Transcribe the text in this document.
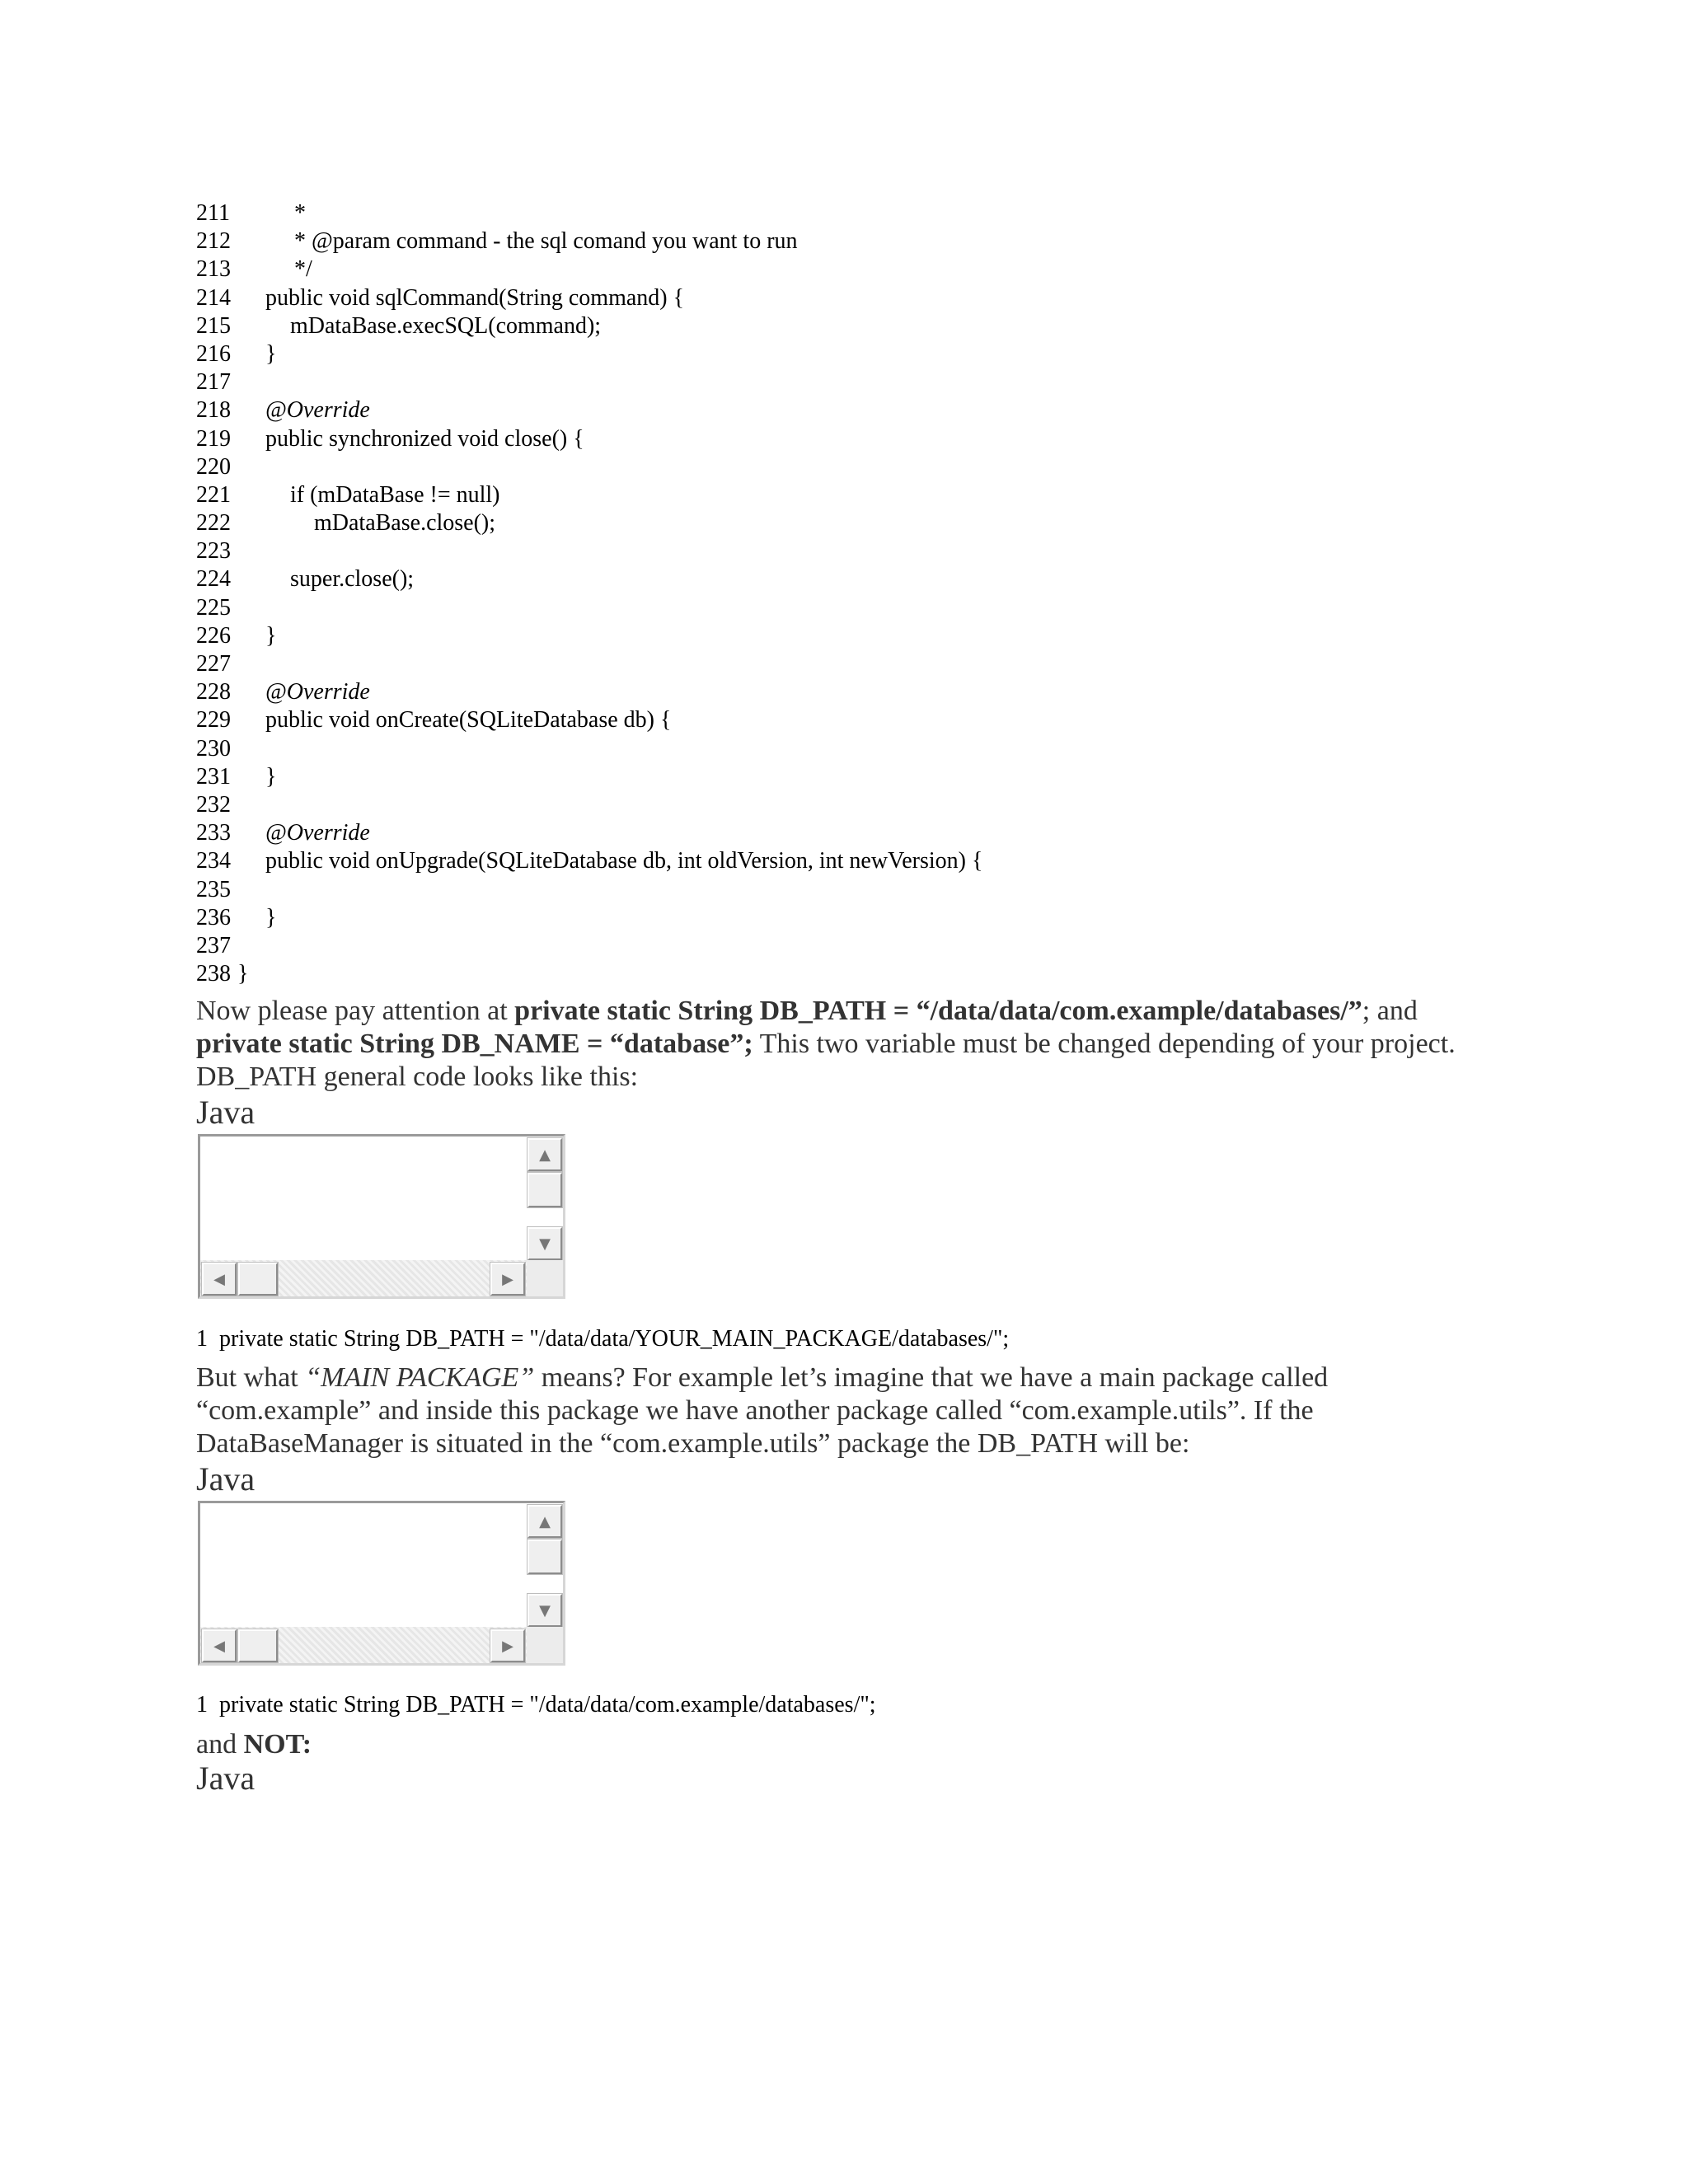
211	*
212	* @param command - the sql comand you want to run
213	*/
214	public void sqlCommand(String command) {
215	mDataBase.execSQL(command);
216	}
217
218	@Override
219	public synchronized void close() {
220
221	if (mDataBase != null)
222	mDataBase.close();
223
224	super.close();
225
226	}
227
228	@Override
229	public void onCreate(SQLiteDatabase db) {
230
231	}
232
233	@Override
234	public void onUpgrade(SQLiteDatabase db, int oldVersion, int newVersion) {
235
236	}
237
238 }
Now please pay attention at private static String DB_PATH = “/data/data/com.example/databases/”; and private static String DB_NAME = “database”; This two variable must be changed depending of your project. DB_PATH general code looks like this:
Java
▲
▼
◀	▶
1  private static String DB_PATH = "/data/data/YOUR_MAIN_PACKAGE/databases/";
But what “MAIN PACKAGE” means? For example let’s imagine that we have a main package called “com.example” and inside this package we have another package called “com.example.utils”. If the DataBaseManager is situated in the “com.example.utils” package the DB_PATH will be:
Java
▲
▼
◀	▶
1  private static String DB_PATH = "/data/data/com.example/databases/";
and NOT:
Java
